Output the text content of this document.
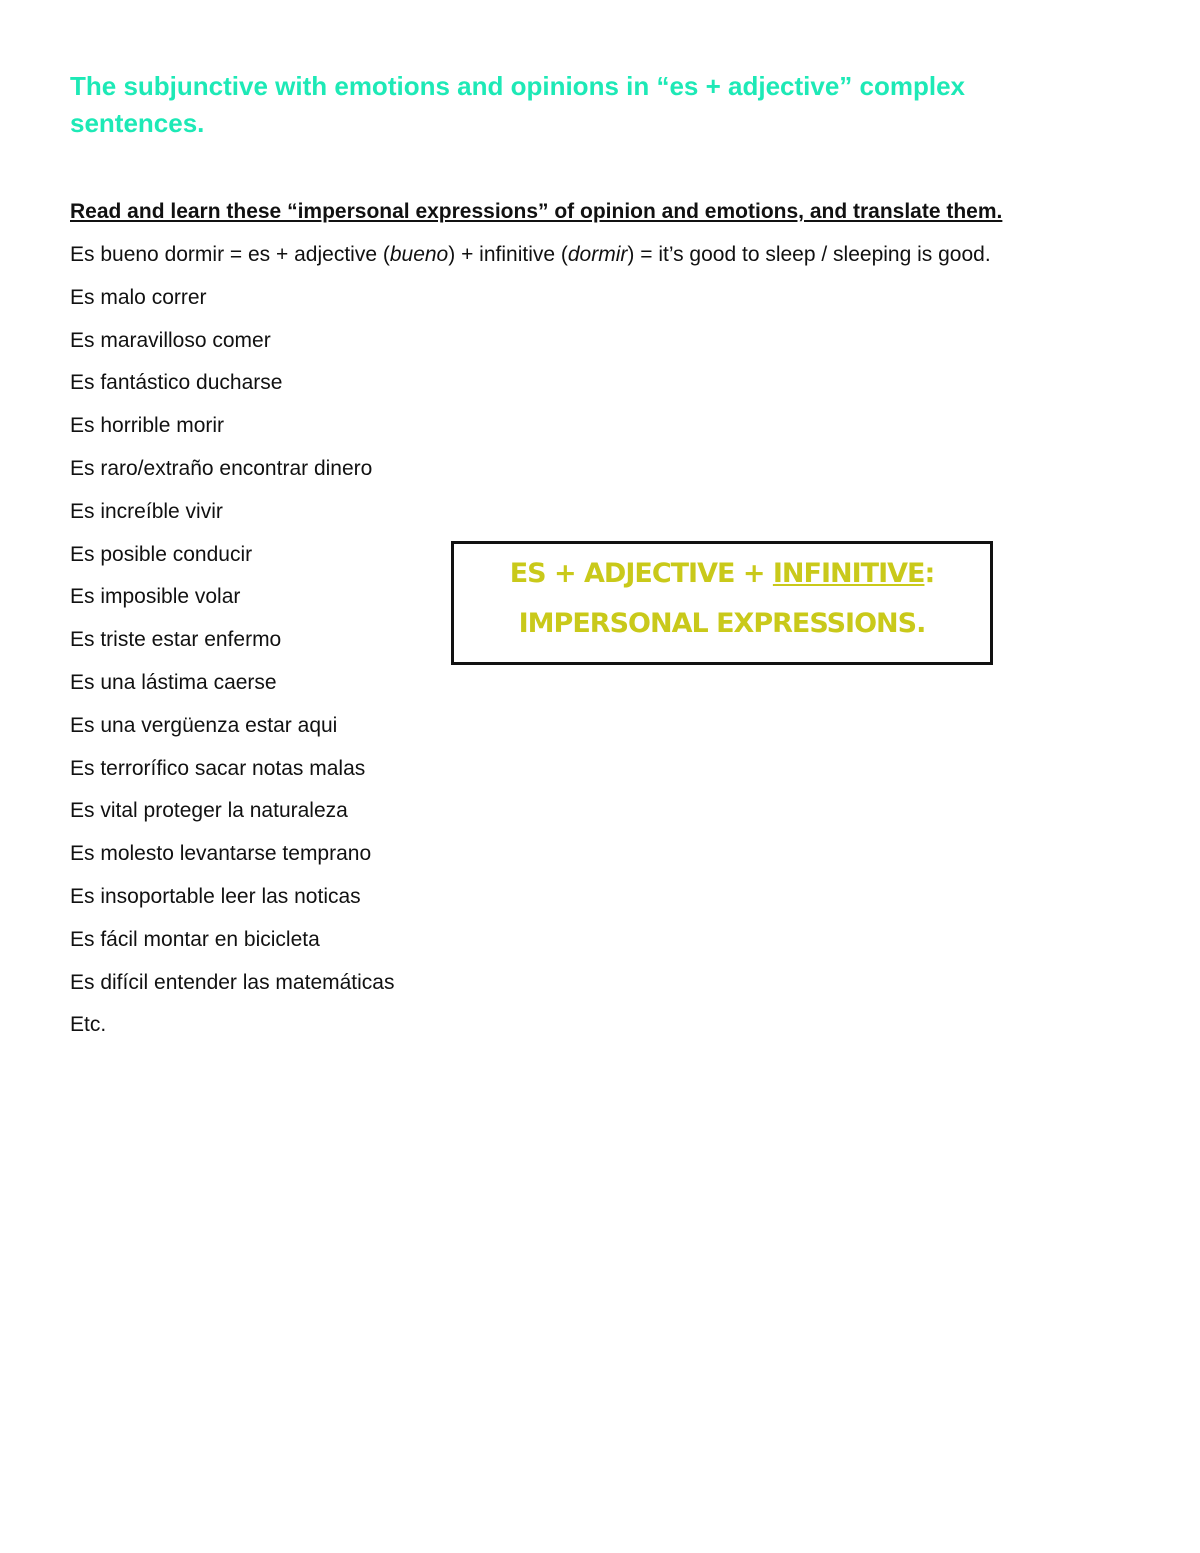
The subjunctive with emotions and opinions in “es + adjective” complex sentences.

Read and learn these “impersonal expressions” of opinion and emotions, and translate them.

Es bueno dormir = es + adjective (bueno) + infinitive (dormir) = it’s good to sleep / sleeping is good.
Es malo correr
Es maravilloso comer
Es fantástico ducharse
Es horrible morir
Es raro/extraño encontrar dinero
Es increíble vivir
Es posible conducir
Es imposible volar
Es triste estar enfermo
Es una lástima caerse
Es una vergüenza estar aqui
Es terrorífico sacar notas malas
Es vital proteger la naturaleza
Es molesto levantarse temprano
Es insoportable leer las noticas
Es fácil montar en bicicleta
Es difícil entender las matemáticas
Etc.
ES + ADJECTIVE + INFINITIVE:
IMPERSONAL EXPRESSIONS.
